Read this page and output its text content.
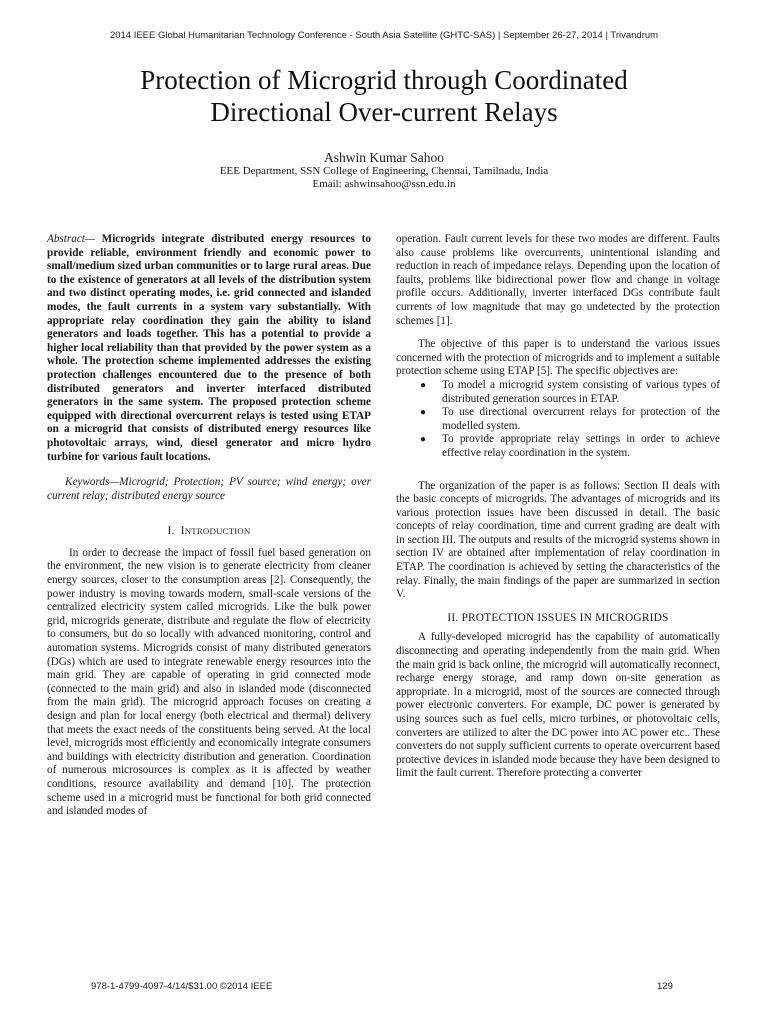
2014 IEEE Global Humanitarian Technology Conference - South Asia Satellite (GHTC-SAS) | September 26-27, 2014 | Trivandrum
Protection of Microgrid through Coordinated
Directional Over-current Relays
Ashwin Kumar Sahoo
EEE Department, SSN College of Engineering, Chennai, Tamilnadu, India
Email: ashwinsahoo@ssn.edu.in

Abstract— Microgrids integrate distributed energy resources to provide reliable, environment friendly and economic power to small/medium sized urban communities or to large rural areas. Due to the existence of generators at all levels of the distribution system and two distinct operating modes, i.e. grid connected and islanded modes, the fault currents in a system vary substantially. With appropriate relay coordination they gain the ability to island generators and loads together. This has a potential to provide a higher local reliability than that provided by the power system as a whole. The protection scheme implemented addresses the existing protection challenges encountered due to the presence of both distributed generators and inverter interfaced distributed generators in the same system. The proposed protection scheme equipped with directional overcurrent relays is tested using ETAP on a microgrid that consists of distributed energy resources like photovoltaic arrays, wind, diesel generator and micro hydro turbine for various fault locations.

Keywords—Microgrid; Protection; PV source; wind energy; over current relay; distributed energy source

I. INTRODUCTION

In order to decrease the impact of fossil fuel based generation on the environment, the new vision is to generate electricity from cleaner energy sources, closer to the consumption areas [2]. Consequently, the power industry is moving towards modern, small-scale versions of the centralized electricity system called microgrids. Like the bulk power grid, microgrids generate, distribute and regulate the flow of electricity to consumers, but do so locally with advanced monitoring, control and automation systems. Microgrids consist of many distributed generators (DGs) which are used to integrate renewable energy resources into the main grid. They are capable of operating in grid connected mode (connected to the main grid) and also in islanded mode (disconnected from the main grid). The microgrid approach focuses on creating a design and plan for local energy (both electrical and thermal) delivery that meets the exact needs of the constituents being served. At the local level, microgrids most efficiently and economically integrate consumers and buildings with electricity distribution and generation. Coordination of numerous microsources is complex as it is affected by weather conditions, resource availability and demand [10]. The protection scheme used in a microgrid must be functional for both grid connected and islanded modes of

operation. Fault current levels for these two modes are different. Faults also cause problems like overcurrents, unintentional islanding and reduction in reach of impedance relays. Depending upon the location of faults, problems like bidirectional power flow and change in voltage profile occurs. Additionally, inverter interfaced DGs contribute fault currents of low magnitude that may go undetected by the protection schemes [1].

The objective of this paper is to understand the various issues concerned with the protection of microgrids and to implement a suitable protection scheme using ETAP [5]. The specific objectives are:

● To model a microgrid system consisting of various types of distributed generation sources in ETAP.
● To use directional overcurrent relays for protection of the modelled system.
● To provide appropriate relay settings in order to achieve effective relay coordination in the system.

The organization of the paper is as follows: Section II deals with the basic concepts of microgrids. The advantages of microgrids and its various protection issues have been discussed in detail. The basic concepts of relay coordination, time and current grading are dealt with in section III. The outputs and results of the microgrid systems shown in section IV are obtained after implementation of relay coordination in ETAP. The coordination is achieved by setting the characteristics of the relay. Finally, the main findings of the paper are summarized in section V.

II. PROTECTION ISSUES IN MICROGRIDS

A fully-developed microgrid has the capability of automatically disconnecting and operating independently from the main grid. When the main grid is back online, the microgrid will automatically reconnect, recharge energy storage, and ramp down on-site generation as appropriate. In a microgrid, most of the sources are connected through power electronic converters. For example, DC power is generated by using sources such as fuel cells, micro turbines, or photovoltaic cells, converters are utilized to alter the DC power into AC power etc.. These converters do not supply sufficient currents to operate overcurrent based protective devices in islanded mode because they have been designed to limit the fault current. Therefore protecting a converter

978-1-4799-4097-4/14/$31.00 ©2014 IEEE	129
